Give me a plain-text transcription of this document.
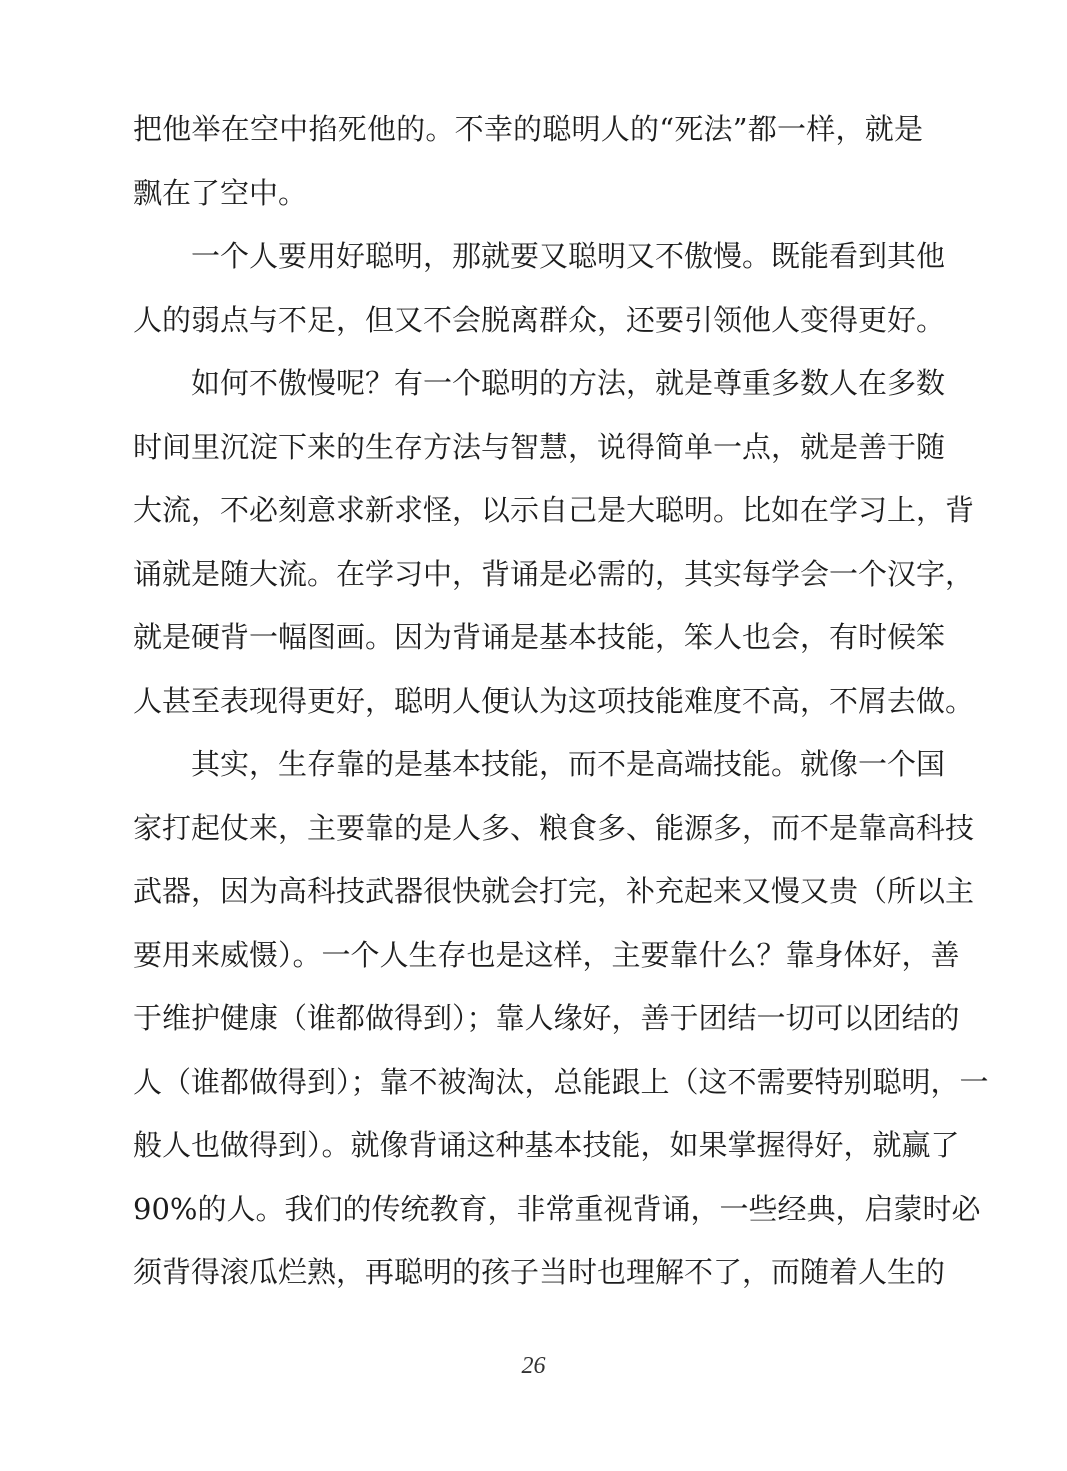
把他举在空中掐死他的。不幸的聪明人的“死法”都一样，就是
飘在了空中。
一个人要用好聪明，那就要又聪明又不傲慢。既能看到其他
人的弱点与不足，但又不会脱离群众，还要引领他人变得更好。
如何不傲慢呢？有一个聪明的方法，就是尊重多数人在多数
时间里沉淀下来的生存方法与智慧，说得简单一点，就是善于随
大流，不必刻意求新求怪，以示自己是大聪明。比如在学习上，背
诵就是随大流。在学习中，背诵是必需的，其实每学会一个汉字，
就是硬背一幅图画。因为背诵是基本技能，笨人也会，有时候笨
人甚至表现得更好，聪明人便认为这项技能难度不高，不屑去做。
其实，生存靠的是基本技能，而不是高端技能。就像一个国
家打起仗来，主要靠的是人多、粮食多、能源多，而不是靠高科技
武器，因为高科技武器很快就会打完，补充起来又慢又贵（所以主
要用来威慑）。一个人生存也是这样，主要靠什么？靠身体好，善
于维护健康（谁都做得到）；靠人缘好，善于团结一切可以团结的
人（谁都做得到）；靠不被淘汰，总能跟上（这不需要特别聪明，一
般人也做得到）。就像背诵这种基本技能，如果掌握得好，就赢了
90%的人。我们的传统教育，非常重视背诵，一些经典，启蒙时必
须背得滚瓜烂熟，再聪明的孩子当时也理解不了，而随着人生的
26
